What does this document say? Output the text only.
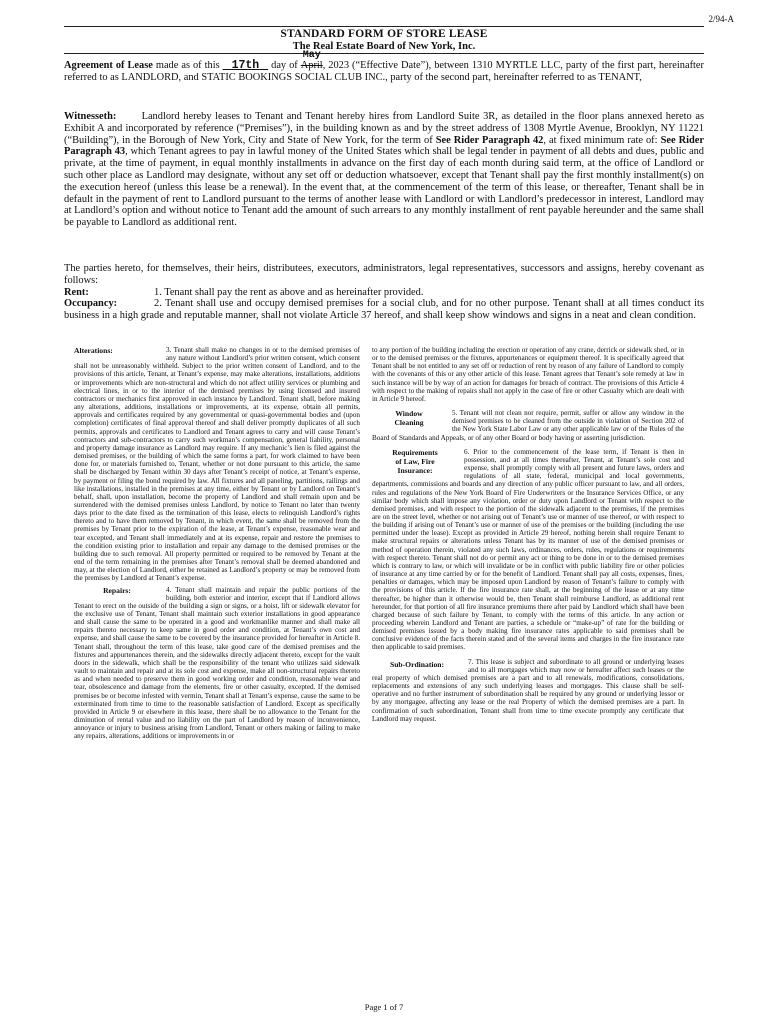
2/94-A
STANDARD FORM OF STORE LEASE
The Real Estate Board of New York, Inc.
Agreement of Lease made as of this    17th    day of
May
April, 2023 (“Effective Date”), between 1310 MYRTLE LLC, party of the first part, hereinafter referred to as LANDLORD, and STATIC BOOKINGS SOCIAL CLUB INC., party of the second part, hereinafter referred to as TENANT,
Witnesseth: Landlord hereby leases to Tenant and Tenant hereby hires from Landlord Suite 3R, as detailed in the floor plans annexed hereto as Exhibit A and incorporated by reference (“Premises”), in the building known as and by the street address of 1308 Myrtle Avenue, Brooklyn, NY 11221 (“Building”), in the Borough of New York, City and State of New York, for the term of See Rider Paragraph 42, at fixed minimum rate of: See Rider Paragraph 43, which Tenant agrees to pay in lawful money of the United States which shall be legal tender in payment of all debts and dues, public and private, at the time of payment, in equal monthly installments in advance on the first day of each month during said term, at the office of Landlord or such other place as Landlord may designate, without any set off or deduction whatsoever, except that Tenant shall pay the first monthly installment(s) on the execution hereof (unless this lease be a renewal). In the event that, at the commencement of the term of this lease, or thereafter, Tenant shall be in default in the payment of rent to Landlord pursuant to the terms of another lease with Landlord or with Landlord’s predecessor in interest, Landlord may at Landlord’s option and without notice to Tenant add the amount of such arrears to any monthly installment of rent payable hereunder and the same shall be payable to Landlord as additional rent.
The parties hereto, for themselves, their heirs, distributees, executors, administrators, legal representatives, successors and assigns, hereby covenant as follows:
Rent:	1. Tenant shall pay the rent as above and as hereinafter provided.
Occupancy:	2. Tenant shall use and occupy demised premises for a social club, and for no other purpose. Tenant shall at all times conduct its business in a high grade and reputable manner, shall not violate Article 37 hereof, and shall keep show windows and signs in a neat and clean condition.
Alterations:	3. Tenant shall make no changes in or to the demised premises of any nature without Landlord’s prior written consent, which consent shall not be unreasonably withheld. Subject to the prior written consent of Landlord, and to the provisions of this article, Tenant, at Tenant’s expense, may make alterations, installations, additions or improvements which are non-structural and which do not affect utility services or plumbing and electrical lines, in or to the interior of the demised premises by using licensed and insured contractors or mechanics first approved in each instance by Landlord. Tenant shall, before making any alterations, additions, installations or improvements, at its expense, obtain all permits, approvals and certificates required by any governmental or quasi-governmental bodies and (upon completion) certificates of final approval thereof and shall deliver promptly duplicates of all such permits, approvals and certificates to Landlord and Tenant agrees to carry and will cause Tenant’s contractors and sub-contractors to carry such workman’s compensation, general liability, personal and property damage insurance as Landlord may require. If any mechanic’s lien is filed against the demised premises, or the building of which the same forms a part, for work claimed to have been done for, or materials furnished to, Tenant, whether or not done pursuant to this article, the same shall be discharged by Tenant within 30 days after Tenant’s receipt of notice, at Tenant’s expense, by payment or filing the bond required by law. All fixtures and all paneling, partitions, railings and like installations, installed in the premises at any time, either by Tenant or by Landlord on Tenant’s behalf, shall, upon installation, become the property of Landlord and shall remain upon and be surrendered with the demised premises unless Landlord, by notice to Tenant no later than twenty days prior to the date fixed as the termination of this lease, elects to relinquish Landlord’s rights thereto and to have them removed by Tenant, in which event, the same shall be removed from the premises by Tenant prior to the expiration of the lease, at Tenant’s expense, reasonable wear and tear excepted, and Tenant shall immediately and at its expense, repair and restore the premises to the condition existing prior to installation and repair any damage to the demised premises or the building due to such removal. All property permitted or required to be removed by Tenant at the end of the term remaining in the premises after Tenant’s removal shall be deemed abandoned and may, at the election of Landlord, either be retained as Landlord’s property or may be removed from the premises by Landlord at Tenant’s expense.

Repairs:	4. Tenant shall maintain and repair the public portions of the building, both exterior and interior, except that if Landlord allows Tenant to erect on the outside of the building a sign or signs, or a hoist, lift or sidewalk elevator for the exclusive use of Tenant, Tenant shall maintain such exterior installations in good appearance and shall cause the same to be operated in a good and workmanlike manner and shall make all repairs thereto necessary to keep same in good order and condition, at Tenant’s own cost and expense, and shall cause the same to be covered by the insurance provided for hereafter in Article 8. Tenant shall, throughout the term of this lease, take good care of the demised premises and the fixtures and appurtenances therein, and the sidewalks directly adjacent thereto, except for the vault doors in the sidewalk, which shall be the responsibility of the tenant who utilizes said sidewalk vault to maintain and repair and at its sole cost and expense, make all non-structural repairs thereto as and when needed to preserve them in good working order and condition, reasonable wear and tear, obsolescence and damage from the elements, fire or other casualty, excepted. If the demised premises be or become infested with vermin, Tenant shall at Tenant’s expense, cause the same to be exterminated from time to time to the reasonable satisfaction of Landlord. Except as specifically provided in Article 9 or elsewhere in this lease, there shall be no allowance to the Tenant for the diminution of rental value and no liability on the part of Landlord by reason of inconvenience, annoyance or injury to business arising from Landlord, Tenant or others making or failing to make any repairs, alterations, additions or improvements in or

to any portion of the building including the erection or operation of any crane, derrick or sidewalk shed, or in or to the demised premises or the fixtures, appurtenances or equipment thereof. It is specifically agreed that Tenant shall be not entitled to any set off or reduction of rent by reason of any failure of Landlord to comply with the covenants of this or any other article of this lease. Tenant agrees that Tenant’s sole remedy at law in such instance will be by way of an action for damages for breach of contract. The provisions of this Article 4 with respect to the making of repairs shall not apply in the case of fire or other Casualty which are dealt with in Article 9 hereof.

Window
Cleaning

5. Tenant will not clean nor require, permit, suffer or allow any window in the demised premises to be cleaned from the outside in violation of Section 202 of the New York State Labor Law or any other applicable law or of the Rules of the Board of Standards and Appeals, or of any other Board or body having or asserting jurisdiction.

Requirements
of Law, Fire
Insurance:

6. Prior to the commencement of the lease term, if Tenant is then in possession, and at all times thereafter, Tenant, at Tenant’s sole cost and expense, shall promptly comply with all present and future laws, orders and regulations of all state, federal, municipal and local governments, departments, commissions and boards and any direction of any public officer pursuant to law, and all orders, rules and regulations of the New York Board of Fire Underwriters or the Insurance Services Office, or any similar body which shall impose any violation, order or duty upon Landlord or Tenant with respect to the demised premises, and with respect to the portion of the sidewalk adjacent to the premises, if the premises are on the street level, whether or not arising out of Tenant’s use or manner of use thereof, or with respect to the building if arising out of Tenant’s use or manner of use of the premises or the building (including the use permitted under the lease). Except as provided in Article 29 hereof, nothing herein shall require Tenant to make structural repairs or alterations unless Tenant has by its manner of use of the demised premises or method of operation therein, violated any such laws, ordinances, orders, rules, regulations or requirements with respect thereto. Tenant shall not do or permit any act or thing to be done in or to the demised premises which is contrary to law, or which will invalidate or be in conflict with public liability fire or other policies of insurance at any time carried by or for the benefit of Landlord. Tenant shall pay all costs, expenses, fines, penalties or damages, which may be imposed upon Landlord by reason of Tenant’s failure to comply with the provisions of this article. If the fire insurance rate shall, at the beginning of the lease or at any time thereafter, be higher than it otherwise would be, then Tenant shall reimburse Landlord, as additional rent hereunder, for that portion of all fire insurance premiums there after paid by Landlord which shall have been charged because of such failure by Tenant, to comply with the terms of this article. In any action or proceeding wherein Landlord and Tenant are parties, a schedule or “make-up” of rate for the building or demised premises issued by a body making fire insurance rates applicable to said premises shall be conclusive evidence of the facts therein stated and of the several items and charges in the fire insurance rate then applicable to said premises.

Sub-Ordination:	7. This lease is subject and subordinate to all ground or underlying leases and to all mortgages which may now or hereafter affect such leases or the real property of which demised premises are a part and to all renewals, modifications, consolidations, replacements and extensions of any such underlying leases and mortgages. This clause shall be self-operative and no further instrument of subordination shall be required by any ground or underlying lessor or by any mortgagee, affecting any lease or the real Property of which the demised premises are a part. In confirmation of such subordination, Tenant shall from time to time execute promptly any certificate that Landlord may request.

Page 1 of 7
